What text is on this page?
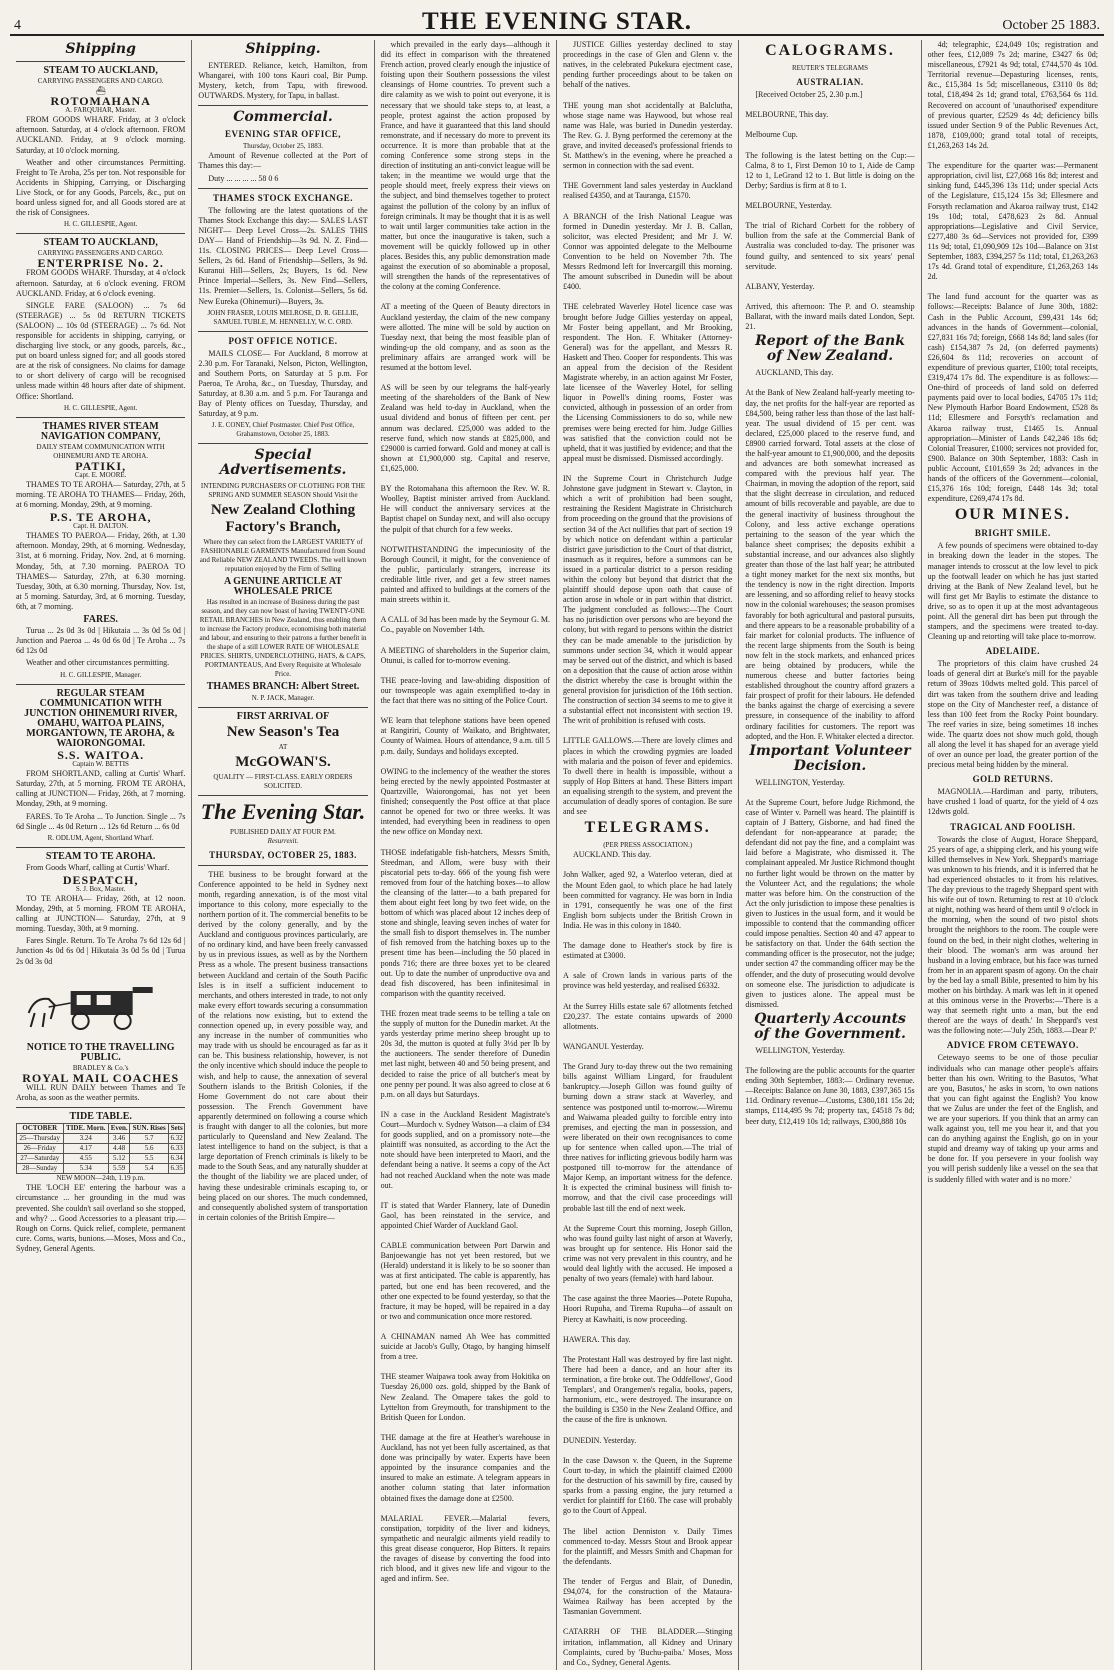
4	THE EVENING STAR.	October 25 1883.
Shipping
STEAM TO AUCKLAND,
CARRYING PASSENGERS AND CARGO.
⛴
ROTOMAHANA
A. FARQUHAR, Master.
FROM GOODS WHARF. Friday, at 3 o'clock afternoon. Saturday, at 4 o'clock afternoon. FROM AUCKLAND. Friday, at 9 o'clock morning. Saturday, at 10 o'clock morning.
Weather and other circumstances Permitting. Freight to Te Aroha, 25s per ton. Not responsible for Accidents in Shipping, Carrying, or Discharging Live Stock, or for any Goods, Parcels, &c., put on board unless signed for, and all Goods stored are at the risk of Consignees.
H. C. GILLESPIE, Agent.
STEAM TO AUCKLAND,
CARRYING PASSENGERS AND CARGO.
ENTERPRISE No. 2.
FROM GOODS WHARF. Thursday, at 4 o'clock afternoon. Saturday, at 6 o'clock evening. FROM AUCKLAND. Friday, at 6 o'clock evening.
SINGLE FARE (SALOON) ... 7s 6d (STEERAGE) ... 5s 0d RETURN TICKETS (SALOON) ... 10s 0d (STEERAGE) ... 7s 6d. Not responsible for accidents in shipping, carrying, or discharging live stock, or any goods, parcels, &c., put on board unless signed for; and all goods stored are at the risk of consignees. No claims for damage to or short delivery of cargo will be recognised unless made within 48 hours after date of shipment. Office: Shortland.
H. C. GILLESPIE, Agent.
THAMES RIVER STEAM NAVIGATION COMPANY,
DAILY STEAM COMMUNICATION WITH OHINEMURI AND TE AROHA.
PATIKI,
Capt. E. MOORE.
THAMES TO TE AROHA— Saturday, 27th, at 5 morning. TE AROHA TO THAMES— Friday, 26th, at 6 morning. Monday, 29th, at 9 morning.
P.S. TE AROHA,
Capt. H. DALTON.
THAMES TO PAEROA— Friday, 26th, at 1.30 afternoon. Monday, 29th, at 6 morning. Wednesday, 31st, at 6 morning. Friday, Nov. 2nd, at 6 morning. Monday, 5th, at 7.30 morning. PAEROA TO THAMES— Saturday, 27th, at 6.30 morning. Tuesday, 30th, at 6.30 morning. Thursday, Nov. 1st, at 5 morning. Saturday, 3rd, at 6 morning. Tuesday, 6th, at 7 morning.
FARES.
Turua ... 2s 0d 3s 0d | Hikutaia ... 3s 0d 5s 0d | Junction and Paeroa ... 4s 0d 6s 0d | Te Aroha ... 7s 6d 12s 0d
Weather and other circumstances permitting.
H. C. GILLESPIE, Manager.
REGULAR STEAM COMMUNICATION WITH JUNCTION OHINEMURI RIVER, OMAHU, WAITOA PLAINS, MORGANTOWN, TE AROHA, & WAIORONGOMAI.
S.S. WAITOA.
Captain W. BETTIS
FROM SHORTLAND, calling at Curtis' Wharf. Saturday, 27th, at 5 morning. FROM TE AROHA, calling at JUNCTION— Friday, 26th, at 7 morning. Monday, 29th, at 9 morning.
FARES. To Te Aroha ... To Junction. Single ... 7s 6d Single ... 4s 0d Return ... 12s 6d Return ... 6s 0d
R. ODLUM, Agent, Shortland Wharf.
STEAM TO TE AROHA.
From Goods Wharf, calling at Curtis' Wharf.
DESPATCH,
S. J. Box, Master.
TO TE AROHA— Friday, 26th, at 12 noon. Monday, 29th, at 5 morning. FROM TE AROHA, calling at JUNCTION— Saturday, 27th, at 9 morning. Tuesday, 30th, at 9 morning.
Fares Single. Return. To Te Aroha 7s 6d 12s 6d | Junction 4s 0d 6s 0d | Hikutaia 3s 0d 5s 0d | Turua 2s 0d 3s 0d
NOTICE TO THE TRAVELLING PUBLIC.
BRADLEY & Co.'s
ROYAL MAIL COACHES
WILL RUN DAILY between Thames and Te Aroha, as soon as the weather permits.
TIDE TABLE.
OCTOBER	TIDE. Morn.	Even.	SUN. Rises	Sets
25—Thursday	3.24	3.46	5.7	6.32
26—Friday	4.17	4.48	5.6	6.33
27—Saturday	4.55	5.12	5.5	6.34
28—Sunday	5.34	5.59	5.4	6.35
NEW MOON—24th, 1.19 p.m.
THE 'LOCH EE' entering the harbour was a circumstance ... her grounding in the mud was prevented. She couldn't sail overland so she stopped, and why? ... Good Accessories to a pleasant trip.—Rough on Corns. Quick relief, complete, permanent cure. Corns, warts, bunions.—Moses, Moss and Co., Sydney, General Agents.
Shipping.
ENTERED. Reliance, ketch, Hamilton, from Whangarei, with 100 tons Kauri coal, Bir Pump. Mystery, ketch, from Tapu, with firewood. OUTWARDS. Mystery, for Tapu, in ballast.
Commercial.
EVENING STAR OFFICE,
Thursday, October 25, 1883.
Amount of Revenue collected at the Port of Thames this day:—
Duty ... ... ... ... 58 0 6
THAMES STOCK EXCHANGE.
The following are the latest quotations of the Thames Stock Exchange this day:— SALES LAST NIGHT— Deep Level Cross—2s. SALES THIS DAY— Hand of Friendship—3s 9d. N. Z. Find—11s. CLOSING PRICES— Deep Level Cross—Sellers, 2s 6d. Hand of Friendship—Sellers, 3s 9d. Kuranui Hill—Sellers, 2s; Buyers, 1s 6d. New Prince Imperial—Sellers, 3s. New Find—Sellers, 11s. Premier—Sellers, 1s. Colonist—Sellers, 5s 6d. New Eureka (Ohinemuri)—Buyers, 3s.
JOHN FRASER, LOUIS MELROSE, D. R. GELLIE, SAMUEL TUBLE, M. HENNELLY, W. C. ORD.
POST OFFICE NOTICE.
MAILS CLOSE— For Auckland, 8 morrow at 2.30 p.m. For Taranaki, Nelson, Picton, Wellington, and Southern Ports, on Saturday at 5 p.m. For Paeroa, Te Aroha, &c., on Tuesday, Thursday, and Saturday, at 8.30 a.m. and 5 p.m. For Tauranga and Bay of Plenty offices on Tuesday, Thursday, and Saturday, at 9 p.m.
J. E. CONEY, Chief Postmaster. Chief Post Office, Grahamstown, October 25, 1883.
Special Advertisements.
INTENDING PURCHASERS OF CLOTHING FOR THE SPRING AND SUMMER SEASON Should Visit the
New Zealand Clothing Factory's Branch,
Where they can select from the LARGEST VARIETY of FASHIONABLE GARMENTS Manufactured from Sound and Reliable NEW ZEALAND TWEEDS. The well known reputation enjoyed by the Firm of Selling
A GENUINE ARTICLE AT WHOLESALE PRICE
Has resulted in an increase of Business during the past season, and they can now boast of having TWENTY-ONE RETAIL BRANCHES in New Zealand, thus enabling them to increase the Factory produce, economising both material and labour, and ensuring to their patrons a further benefit in the shape of a still LOWER RATE OF WHOLESALE PRICES. SHIRTS, UNDERCLOTHING, HATS, & CAPS, PORTMANTEAUS, And Every Requisite at Wholesale Price.
THAMES BRANCH: Albert Street.
N. P. JACK, Manager.
FIRST ARRIVAL OF
New Season's Tea
AT
McGOWAN'S.
QUALITY — FIRST-CLASS. EARLY ORDERS SOLICITED.
The Evening Star.
PUBLISHED DAILY AT FOUR P.M.
Resurrexit.
THURSDAY, OCTOBER 25, 1883.
THE business to be brought forward at the Conference appointed to be held in Sydney next month, regarding annexation, is of the most vital importance to this colony, more especially to the northern portion of it. The commercial benefits to be derived by the colony generally, and by the Auckland and contiguous provinces particularly, are of no ordinary kind, and have been freely canvassed by us in previous issues, as well as by the Northern Press as a whole. The present business transactions between Auckland and certain of the South Pacific Isles is in itself a sufficient inducement to merchants, and others interested in trade, to not only make every effort towards securing a consummation of the relations now existing, but to extend the connection opened up, in every possible way, and any increase in the number of communities who may trade with us should be encouraged as far as it can be. This business relationship, however, is not the only incentive which should induce the people to wish, and help to cause, the annexation of several Southern islands to the British Colonies, if the Home Government do not care about their possession. The French Government have apparently determined on following a course which is fraught with danger to all the colonies, but more particularly to Queensland and New Zealand. The latest intelligence to hand on the subject, is that a large deportation of French criminals is likely to be made to the South Seas, and any naturally shudder at the thought of the liability we are placed under, of having these undesirable criminals escaping to, or being placed on our shores. The much condemned, and consequently abolished system of transportation in certain colonies of the British Empire—
which prevailed in the early days—although it did its effect in comparison with the threatened French action, proved clearly enough the injustice of foisting upon their Southern possessions the vilest cleansings of Home countries. To prevent such a dire calamity as we wish to point out everyone, it is necessary that we should take steps to, at least, a people, protest against the action proposed by France, and have it guaranteed that this land should remonstrate, and if necessary do more to prevent its occurrence. It is more than probable that at the coming Conference some strong steps in the direction of instituting an anti-convict league will be taken; in the meantime we would urge that the people should meet, freely express their views on the subject, and bind themselves together to protect against the pollution of the colony by an influx of foreign criminals. It may be thought that it is as well to wait until larger communities take action in the matter, but once the inaugurative is taken, such a movement will be quickly followed up in other places. Besides this, any public demonstration made against the execution of so abominable a proposal, will strengthen the hands of the representatives of the colony at the coming Conference.

AT a meeting of the Queen of Beauty directors in Auckland yesterday, the claim of the new company were allotted. The mine will be sold by auction on Tuesday next, that being the most feasible plan of winding-up the old company, and as soon as the preliminary affairs are arranged work will be resumed at the bottom level.

AS will be seen by our telegrams the half-yearly meeting of the shareholders of the Bank of New Zealand was held to-day in Auckland, when the usual dividend and bonus of fifteen per cent. per annum was declared. £25,000 was added to the reserve fund, which now stands at £825,000, and £29000 is carried forward. Gold and money at call is shown at £1,900,000 stg. Capital and reserve, £1,625,000.

BY the Rotomahana this afternoon the Rev. W. R. Woolley, Baptist minister arrived from Auckland. He will conduct the anniversary services at the Baptist chapel on Sunday next, and will also occupy the pulpit of that church for a few weeks.

NOTWITHSTANDING the impecuniosity of the Borough Council, it might, for the convenience of the public, particularly strangers, increase its creditable little river, and get a few street names painted and affixed to buildings at the corners of the main streets within it.

A CALL of 3d has been made by the Seymour G. M. Co., payable on November 14th.

A MEETING of shareholders in the Superior claim, Otunui, is called for to-morrow evening.

THE peace-loving and law-abiding disposition of our townspeople was again exemplified to-day in the fact that there was no sitting of the Police Court.

WE learn that telephone stations have been opened at Rangiriri, County of Waikato, and Brightwater, County of Waimea. Hours of attendance, 9 a.m. till 5 p.m. daily, Sundays and holidays excepted.

OWING to the inclemency of the weather the stores being erected by the newly appointed Postmaster at Quartzville, Waiorongomai, has not yet been finished; consequently the Post office at that place cannot be opened for two or three weeks. It was intended, had everything been in readiness to open the new office on Monday next.

THOSE indefatigable fish-hatchers, Messrs Smith, Steedman, and Allom, were busy with their piscatorial pets to-day. 666 of the young fish were removed from four of the hatching boxes—to allow the cleansing of the latter—to a bath prepared for them about eight feet long by two feet wide, on the bottom of which was placed about 12 inches deep of stone and shingle, leaving seven inches of water for the small fish to disport themselves in. The number of fish removed from the hatching boxes up to the present time has been—including the 50 placed in ponds 716; there are three boxes yet to be cleared out. Up to date the number of unproductive ova and dead fish discovered, has been infinitesimal in comparison with the quantity received.

THE frozen meat trade seems to be telling a tale on the supply of mutton for the Dunedin market. At the yards yesterday prime merino sheep brought up to 20s 3d, the mutton is quoted at fully 3½d per lb by the auctioneers. The sender therefore of Dunedin met last night, between 40 and 50 being present, and decided to raise the price of all butcher's meat by one penny per pound. It was also agreed to close at 6 p.m. on all days but Saturdays.

IN a case in the Auckland Resident Magistrate's Court—Murdoch v. Sydney Watson—a claim of £34 for goods supplied, and on a promissory note—the plaintiff was nonsuited, as according to the Act the note should have been interpreted to Maori, and the defendant being a native. It seems a copy of the Act had not reached Auckland when the note was made out.

IT is stated that Warder Flannery, late of Dunedin Gaol, has been reinstated in the service, and appointed Chief Warder of Auckland Gaol.

CABLE communication between Port Darwin and Banjoewangie has not yet been restored, but we (Herald) understand it is likely to be so sooner than was at first anticipated. The cable is apparently, has parted, but one end has been recovered, and the other one expected to be found yesterday, so that the fracture, it may be hoped, will be repaired in a day or two and communication once more restored.

A CHINAMAN named Ah Wee has committed suicide at Jacob's Gully, Otago, by hanging himself from a tree.

THE steamer Waipawa took away from Hokitika on Tuesday 26,000 ozs. gold, shipped by the Bank of New Zealand. The Omapere takes the gold to Lyttelton from Greymouth, for transhipment to the British Queen for London.

THE damage at the fire at Heather's warehouse in Auckland, has not yet been fully ascertained, as that done was principally by water. Experts have been appointed by the insurance companies and the insured to make an estimate. A telegram appears in another column stating that later information obtained fixes the damage done at £2500.

MALARIAL FEVER.—Malarial fevers, constipation, torpidity of the liver and kidneys, sympathetic and neuralgic ailments yield readily to this great disease conqueror, Hop Bitters. It repairs the ravages of disease by converting the food into rich blood, and it gives new life and vigour to the aged and infirm. See.
JUSTICE Gillies yesterday declined to stay proceedings in the case of Glen and Glenn v. the natives, in the celebrated Pukekura ejectment case, pending further proceedings about to be taken on behalf of the natives.

THE young man shot accidentally at Balclutha, whose stage name was Haywood, but whose real name was Hale, was buried in Dunedin yesterday. The Rev. G. J. Byng performed the ceremony at the grave, and invited deceased's professional friends to St. Matthew's in the evening, where he preached a sermon in connection with the sad event.

THE Government land sales yesterday in Auckland realised £4350, and at Tauranga, £1570.

A BRANCH of the Irish National League was formed in Dunedin yesterday. Mr J. B. Callan, solicitor, was elected President; and Mr J. W. Connor was appointed delegate to the Melbourne Convention to be held on November 7th. The Messrs Redmond left for Invercargill this morning. The amount subscribed in Dunedin will be about £400.

THE celebrated Waverley Hotel licence case was brought before Judge Gillies yesterday on appeal, Mr Foster being appellant, and Mr Brooking, respondent. The Hon. F. Whitaker (Attorney-General) was for the appellant, and Messrs R. Haskett and Theo. Cooper for respondents. This was an appeal from the decision of the Resident Magistrate whereby, in an action against Mr Foster, late licensee of the Waverley Hotel, for selling liquor in Powell's dining rooms, Foster was convicted, although in possession of an order from the Licensing Commissioners to do so, while new premises were being erected for him. Judge Gillies was satisfied that the conviction could not be upheld, that it was justified by evidence; and that the appeal must be dismissed. Dismissed accordingly.

IN the Supreme Court in Christchurch Judge Johnstone gave judgment in Stewart v. Clayton, in which a writ of prohibition had been sought, restraining the Resident Magistrate in Christchurch from proceeding on the ground that the provisions of section 34 of the Act nullifies that part of section 19 by which notice on defendant within a particular district gave jurisdiction to the Court of that district, inasmuch as it requires, before a summons can be issued in a particular district to a person residing within the colony but beyond that district that the plaintiff should depose upon oath that cause of action arose in whole or in part within that district. The judgment concluded as follows:—The Court has no jurisdiction over persons who are beyond the colony, but with regard to persons within the district they can be made amenable to the jurisdiction by summons under section 34, which it would appear may be served out of the district, and which is based on a deposition that the cause of action arose within the district whereby the case is brought within the general provision for jurisdiction of the 16th section. The construction of section 34 seems to me to give it a substantial effect not inconsistent with section 19. The writ of prohibition is refused with costs.

LITTLE GALLOWS.—There are lovely climes and places in which the crowding pygmies are loaded with malaria and the poison of fever and epidemics. To dwell there in health is impossible, without a supply of Hop Bitters at hand. These Bitters impart an equalising strength to the system, and prevent the accumulation of deadly spores of contagion. Be sure and see
TELEGRAMS.
(PER PRESS ASSOCIATION.)
AUCKLAND. This day.

John Walker, aged 92, a Waterloo veteran, died at the Mount Eden gaol, to which place he had lately been committed for vagrancy. He was born in India in 1791, consequently he was one of the first English born subjects under the British Crown in India. He was in this colony in 1840.

The damage done to Heather's stock by fire is estimated at £3000.

A sale of Crown lands in various parts of the province was held yesterday, and realised £6332.

At the Surrey Hills estate sale 67 allotments fetched £20,237. The estate contains upwards of 2000 allotments.

WANGANUI. Yesterday.

The Grand Jury to-day threw out the two remaining bills against William Lingard, for fraudulent bankruptcy.—Joseph Gillon was found guilty of burning down a straw stack at Waverley, and sentence was postponed until to-morrow.—Wiremu and Waiwama pleaded guilty to forcible entry into premises, and ejecting the man in possession, and were liberated on their own recognisances to come up for sentence when called upon.—The trial of three natives for inflicting grievous bodily harm was postponed till to-morrow for the attendance of Major Kemp, an important witness for the defence. It is expected the criminal business will finish to-morrow, and that the civil case proceedings will probable last till the end of next week.

At the Supreme Court this morning, Joseph Gillon, who was found guilty last night of arson at Waverly, was brought up for sentence. His Honor said the crime was not very prevalent in this country, and he would deal lightly with the accused. He imposed a penalty of two years (female) with hard labour.

The case against the three Maories—Potete Rupuha, Hoori Rupuha, and Tirema Rupuha—of assault on Piercy at Kawhaiti, is now proceeding.

HAWERA. This day.

The Protestant Hall was destroyed by fire last night. There had been a dance, and an hour after its termination, a fire broke out. The Oddfellows', Good Templars', and Orangemen's regalia, books, papers, harmonium, etc., were destroyed. The insurance on the building is £350 in the New Zealand Office, and the cause of the fire is unknown.

DUNEDIN. Yesterday.

In the case Dawson v. the Queen, in the Supreme Court to-day, in which the plaintiff claimed £2000 for the destruction of his sawmill by fire, caused by sparks from a passing engine, the jury returned a verdict for plaintiff for £160. The case will probably go to the Court of Appeal.

The libel action Denniston v. Daily Times commenced to-day. Messrs Stout and Brook appear for the plaintiff, and Messrs Smith and Chapman for the defendants.

The tender of Fergus and Blair, of Dunedin, £94,074, for the construction of the Mataura-Waimea Railway has been accepted by the Tasmanian Government.

CATARRH OF THE BLADDER.—Stinging irritation, inflammation, all Kidney and Urinary Complaints, cured by 'Buchu-paiba.' Moses, Moss and Co., Sydney, General Agents.
CALOGRAMS.
REUTER'S TELEGRAMS
AUSTRALIAN.
[Received October 25, 2.30 p.m.]

MELBOURNE, This day.

Melbourne Cup.

The following is the latest betting on the Cup:—Calma, 8 to 1, First Demon 10 to 1, Aide de Camp 12 to 1, LeGrand 12 to 1. But little is doing on the Derby; Sardius is firm at 8 to 1.

MELBOURNE, Yesterday.

The trial of Richard Corbett for the robbery of bullion from the safe at the Commercial Bank of Australia was concluded to-day. The prisoner was found guilty, and sentenced to six years' penal servitude.

ALBANY, Yesterday.

Arrived, this afternoon: The P. and O. steamship Ballarat, with the inward mails dated London, Sept. 21.
Report of the Bank of New Zealand.
AUCKLAND, This day.

At the Bank of New Zealand half-yearly meeting to-day, the net profits for the half-year are reported as £84,500, being rather less than those of the last half-year. The usual dividend of 15 per cent. was declared, £25,000 placed to the reserve fund, and £8900 carried forward. Total assets at the close of the half-year amount to £1,900,000, and the deposits and advances are both somewhat increased as compared with the previous half year. The Chairman, in moving the adoption of the report, said that the slight decrease in circulation, and reduced amount of bills recoverable and payable, are due to the general inactivity of business throughout the Colony, and less active exchange operations pertaining to the season of the year which the balance sheet comprises; the deposits exhibit a substantial increase, and our advances also slightly greater than those of the last half year; he attributed a tight money market for the next six months, but the tendency is now in the right direction. Imports are lessening, and so affording relief to heavy stocks now in the colonial warehouses; the season promises favorably for both agricultural and pastoral pursuits, and there appears to be a reasonable probability of a fair market for colonial products. The influence of the recent large shipments from the South is being now felt in the stock markets, and enhanced prices are being obtained by producers, while the numerous cheese and butter factories being established throughout the country afford grazers a fair prospect of profit for their labours. He defended the banks against the charge of exercising a severe pressure, in consequence of the inability to afford ordinary facilities for customers. The report was adopted, and the Hon. F. Whitaker elected a director.
Important Volunteer Decision.
WELLINGTON, Yesterday.

At the Supreme Court, before Judge Richmond, the case of Winter v. Parnell was heard. The plaintiff is captain of J Battery, Gisborne, and had fined the defendant for non-appearance at parade; the defendant did not pay the fine, and a complaint was laid before a Magistrate, who dismissed it. The complainant appealed. Mr Justice Richmond thought no further light would be thrown on the matter by the Volunteer Act, and the regulations; the whole matter was before him. On the construction of the Act the only jurisdiction to impose these penalties is given to Justices in the usual form, and it would be impossible to contend that the commanding officer could impose penalties. Section 40 and 47 appear to be satisfactory on that. Under the 64th section the commanding officer is the prosecutor, not the judge; under section 47 the commanding officer may be the offender, and the duty of prosecuting would devolve on someone else. The jurisdiction to adjudicate is given to justices alone. The appeal must be dismissed.
Quarterly Accounts of the Government.
WELLINGTON, Yesterday.

The following are the public accounts for the quarter ending 30th September, 1883:— Ordinary revenue.—Receipts: Balance on June 30, 1883, £397,365 15s 11d. Ordinary revenue—Customs, £380,181 15s 2d; stamps, £114,495 9s 7d; property tax, £4518 7s 8d; beer duty, £12,419 10s 1d; railways, £300,888 10s
4d; telegraphic, £24,049 10s; registration and other fees, £12,089 7s 2d; marine, £3427 6s 0d; miscellaneous, £7921 4s 9d; total, £744,570 4s 10d. Territorial revenue—Depasturing licenses, rents, &c., £15,384 1s 5d; miscellaneous, £3110 0s 8d; total, £18,494 2s 1d; grand total, £763,564 6s 11d. Recovered on account of 'unauthorised' expenditure of previous quarter, £2529 4s 4d; deficiency bills issued under Section 9 of the Public Revenues Act, 1878, £109,000; grand total total of receipts, £1,263,263 14s 2d.

The expenditure for the quarter was:—Permanent appropriation, civil list, £27,068 16s 8d; interest and sinking fund, £445,396 13s 11d; under special Acts of the Legislature, £15,124 15s 3d; Ellesmere and Forsyth reclamation and Akaroa railway trust, £142 19s 10d; total, £478,623 2s 8d. Annual appropriations—Legislative and Civil Service, £277,480 3s 6d—Services not provided for, £399 11s 9d; total, £1,090,909 12s 10d—Balance on 31st September, 1883, £394,257 5s 11d; total, £1,263,263 17s 4d. Grand total of expenditure, £1,263,263 14s 2d.

The land fund account for the quarter was as follows:—Receipts: Balance of June 30th, 1882: Cash in the Public Account, £99,431 14s 6d; advances in the hands of Government—colonial, £27,831 16s 7d; foreign, £668 14s 8d; land sales (for cash) £154,387 7s 2d, (on deferred payments) £26,604 8s 11d; recoveries on account of expenditure of previous quarter, £100; total receipts, £319,474 17s 8d. The expenditure is as follows:—One-third of proceeds of land sold on deferred payments paid over to local bodies, £4705 17s 11d; New Plymouth Harbor Board Endowment, £528 8s 11d; Ellesmere and Forsyth's reclamation and Akaroa railway trust, £1465 1s. Annual appropriation—Minister of Lands £42,246 18s 6d; Colonial Treasurer, £1000; services not provided for, £900. Balance on 30th September, 1883: Cash in public Account, £101,659 3s 2d; advances in the hands of the officers of the Government—colonial, £15,376 16s 10d; foreign, £448 14s 3d; total expenditure, £269,474 17s 8d.
OUR MINES.
BRIGHT SMILE.
A few pounds of specimens were obtained to-day in breaking down the leader in the stopes. The manager intends to crosscut at the low level to pick up the footwall leader on which he has just started driving at the Bank of New Zealand level, but he will first get Mr Baylis to estimate the distance to drive, so as to open it up at the most advantageous point. All the general dirt has been put through the stampers, and the specimens were treated to-day. Cleaning up and retorting will take place to-morrow.
ADELAIDE.
The proprietors of this claim have crushed 24 loads of general dirt at Burke's mill for the payable return of 39ozs 10dwts melted gold. This parcel of dirt was taken from the southern drive and leading stope on the City of Manchester reef, a distance of less than 100 feet from the Rocky Point boundary. The reef varies in size, being sometimes 18 inches wide. The quartz does not show much gold, though all along the level it has shaped for an average yield of over an ounce per load, the greater portion of the precious metal being hidden by the mineral.
GOLD RETURNS.
MAGNOLIA.—Hardiman and party, tributers, have crushed 1 load of quartz, for the yield of 4 ozs 12dwts gold.
TRAGICAL AND FOOLISH.
Towards the close of August, Horace Sheppard, 25 years of age, a shipping clerk, and his young wife killed themselves in New York. Sheppard's marriage was unknown to his friends, and it is inferred that he had experienced obstacles to it from his relatives. The day previous to the tragedy Sheppard spent with his wife out of town. Returning to rest at 10 o'clock at night, nothing was heard of them until 9 o'clock in the morning, when the sound of two pistol shots brought the neighbors to the room. The couple were found on the bed, in their night clothes, weltering in their blood. The woman's arm was around her husband in a loving embrace, but his face was turned from her in an apparent spasm of agony. On the chair by the bed lay a small Bible, presented to him by his mother on his birthday. A mark was left in it opened at this ominous verse in the Proverbs:—'There is a way that seemeth right unto a man, but the end thereof are the ways of death.' In Sheppard's vest was the following note:—'July 25th, 1883.—Dear P.'
ADVICE FROM CETEWAYO.
Cetewayo seems to be one of those peculiar individuals who can manage other people's affairs better than his own. Writing to the Basutos, 'What are you, Basutos,' he asks in scorn, 'to own nations that you can fight against the English? You know that we Zulus are under the feet of the English, and we are your superiors. If you think that an army can walk against you, tell me you hear it, and that you can do anything against the English, go on in your stupid and dreamy way of taking up your arms and be done for. If you persevere in your foolish way you will perish suddenly like a vessel on the sea that is suddenly filled with water and is no more.'
